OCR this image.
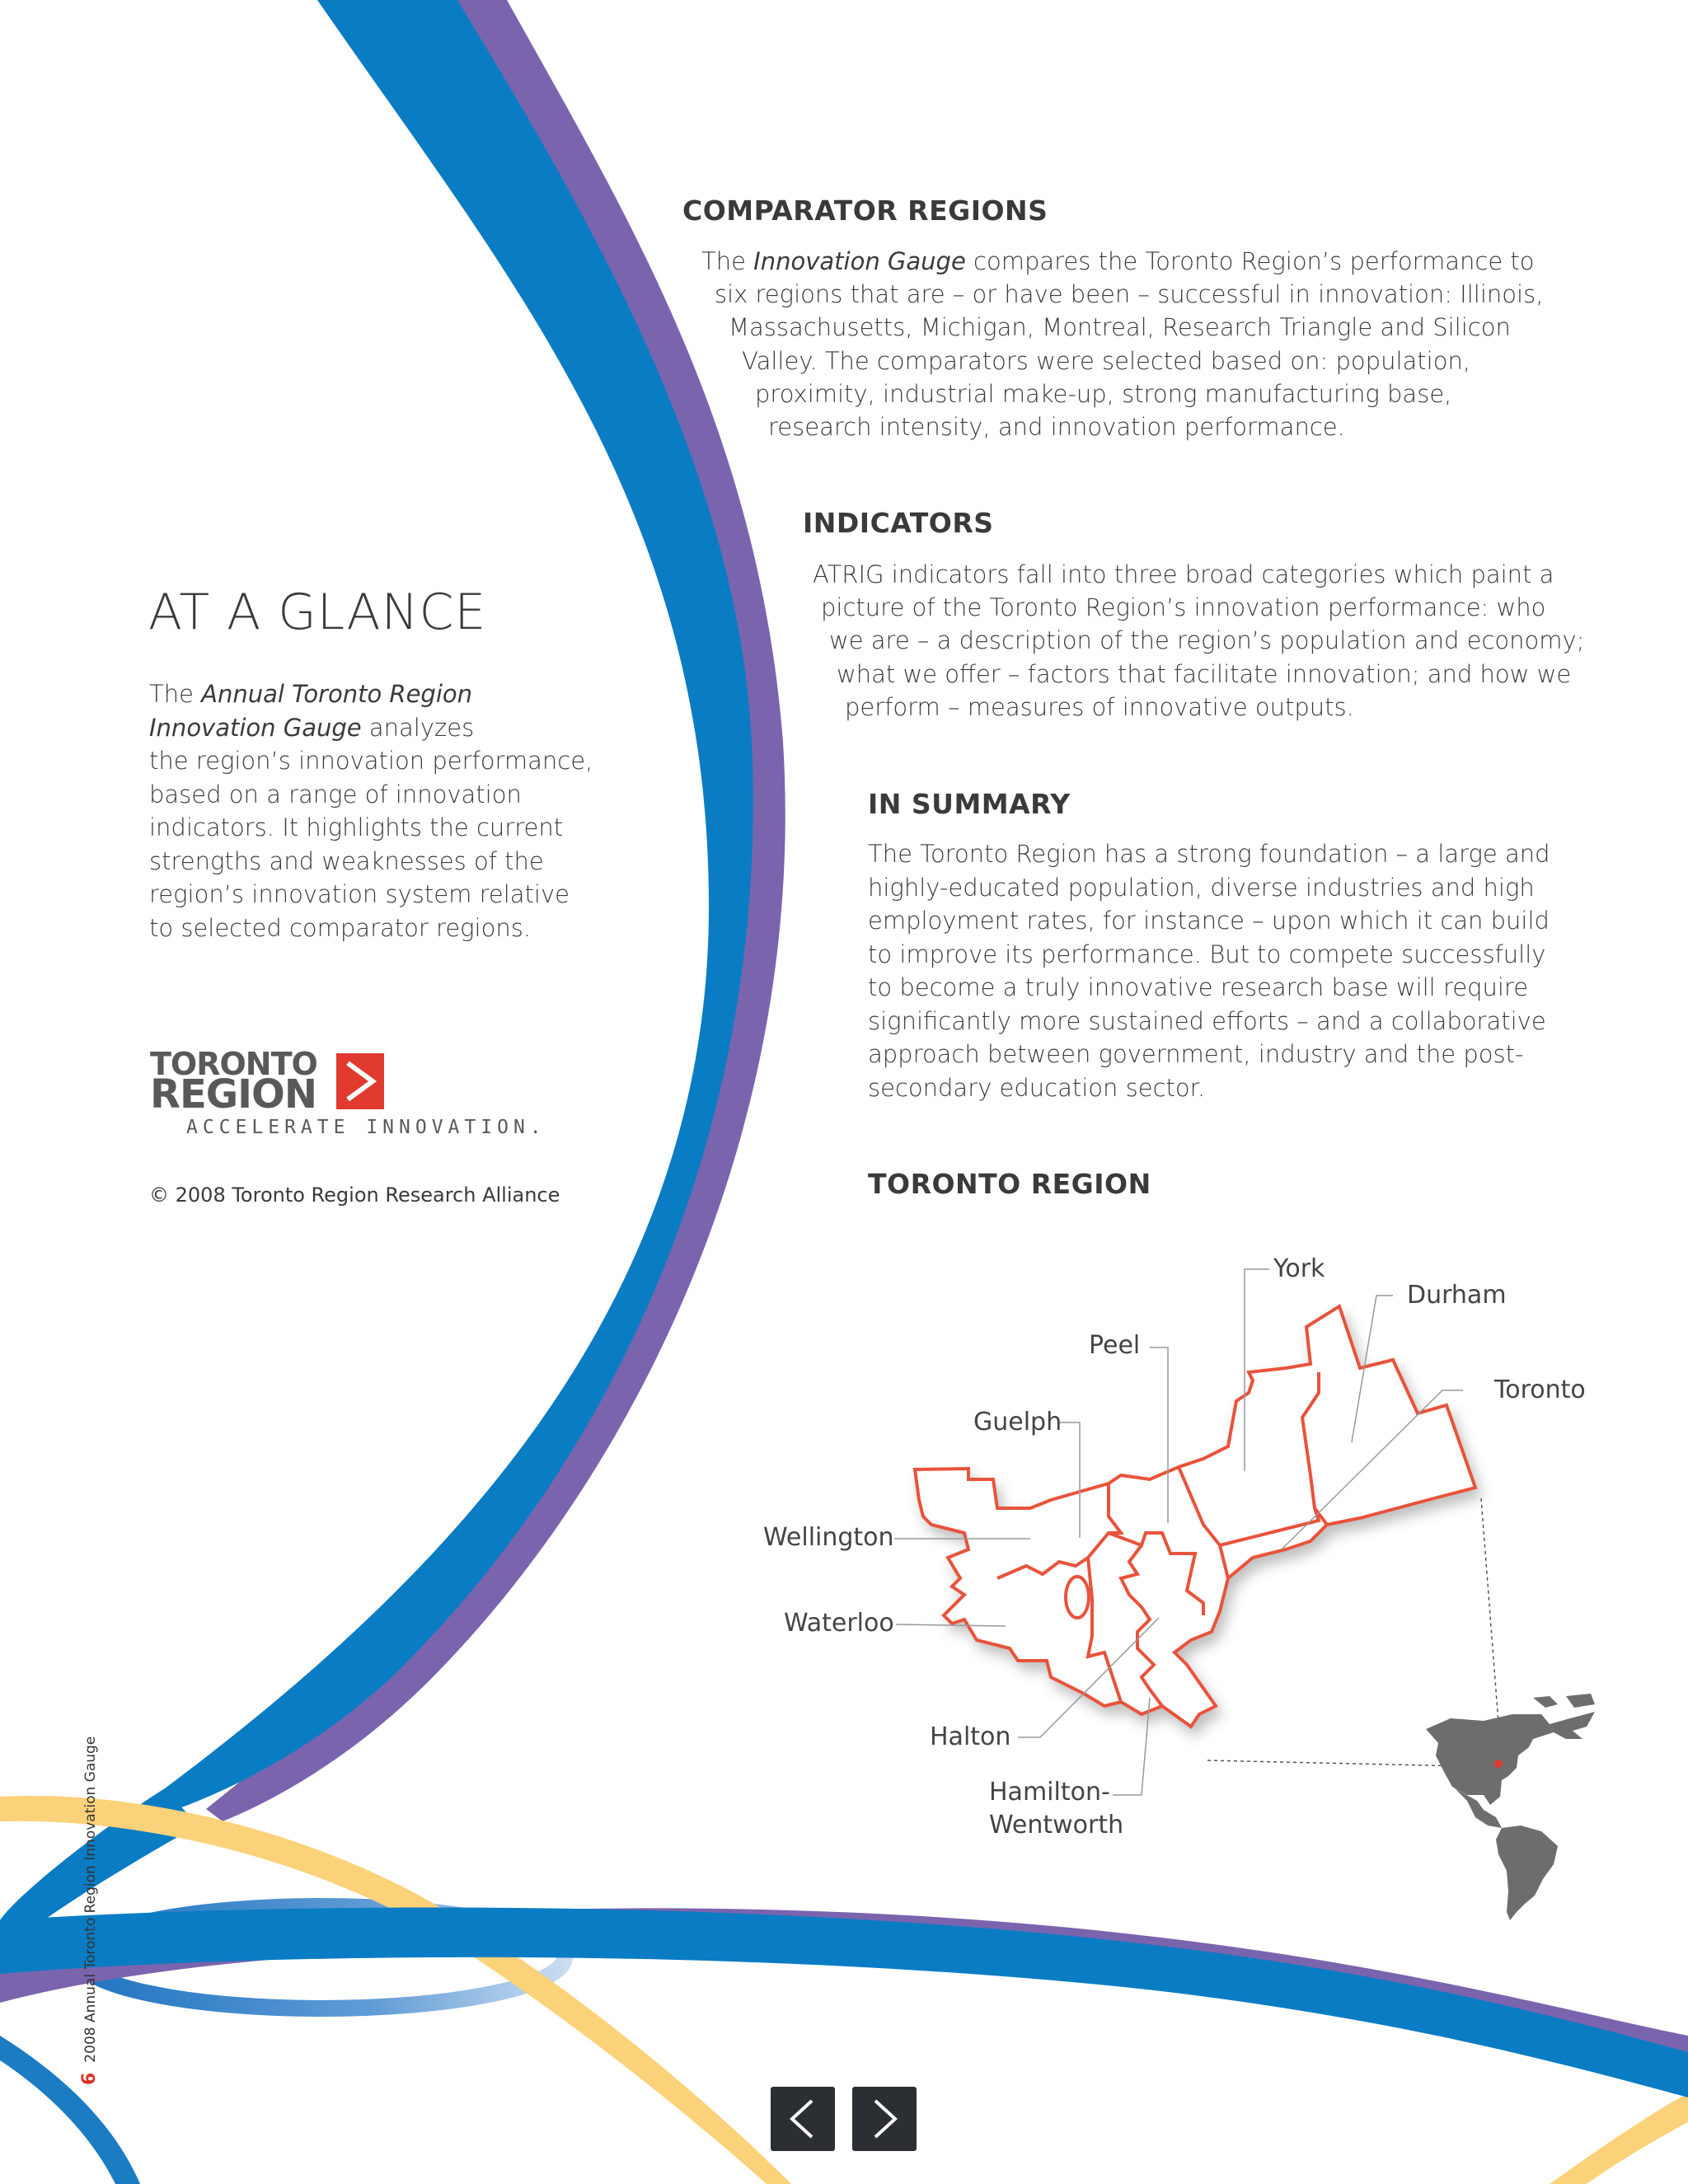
COMPARATOR REGIONS
The Innovation Gauge compares the Toronto Region’s performance to
six regions that are – or have been – successful in innovation: Illinois,
Massachusetts, Michigan, Montreal, Research Triangle and Silicon
Valley. The comparators were selected based on: population,
proximity, industrial make-up, strong manufacturing base,
research intensity, and innovation performance.
INDICATORS
ATRIG indicators fall into three broad categories which paint a
picture of the Toronto Region’s innovation performance: who
we are – a description of the region’s population and economy;
what we offer – factors that facilitate innovation; and how we
perform – measures of innovative outputs.
IN SUMMARY
The Toronto Region has a strong foundation – a large and
highly-educated population, diverse industries and high
employment rates, for instance – upon which it can build
to improve its performance. But to compete successfully
to become a truly innovative research base will require
significantly more sustained efforts – and a collaborative
approach between government, industry and the post-
secondary education sector.
AT A GLANCE
The Annual Toronto Region
Innovation Gauge analyzes
the region’s innovation performance,
based on a range of innovation
indicators. It highlights the current
strengths and weaknesses of the
region’s innovation system relative
to selected comparator regions.
TORONTO
REGION
ACCELERATE INNOVATION.
© 2008 Toronto Region Research Alliance	TORONTO REGION
York
Durham
Peel
Toronto
Guelph
Wellington
Waterloo
Halton
Hamilton-
Wentworth
62008 Annual Toronto Region Innovation Gauge
